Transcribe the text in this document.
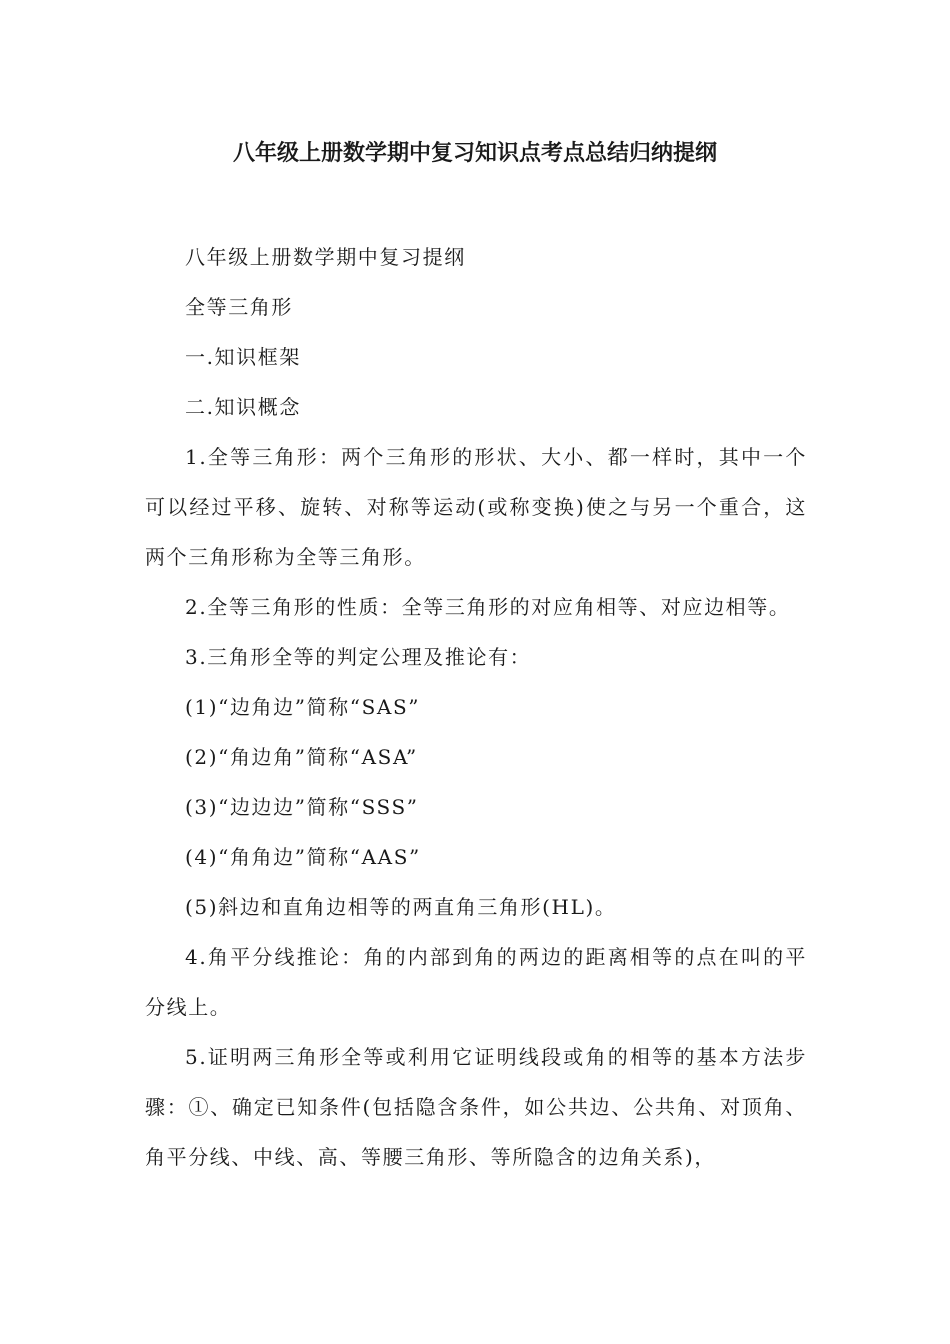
八年级上册数学期中复习知识点考点总结归纳提纲

八年级上册数学期中复习提纲

全等三角形

一.知识框架

二.知识概念

1.全等三角形：两个三角形的形状、大小、都一样时，其中一个可以经过平移、旋转、对称等运动(或称变换)使之与另一个重合，这两个三角形称为全等三角形。

2.全等三角形的性质：全等三角形的对应角相等、对应边相等。

3.三角形全等的判定公理及推论有：

(1)“边角边”简称“SAS”

(2)“角边角”简称“ASA”

(3)“边边边”简称“SSS”

(4)“角角边”简称“AAS”

(5)斜边和直角边相等的两直角三角形(HL)。

4.角平分线推论：角的内部到角的两边的距离相等的点在叫的平分线上。

5.证明两三角形全等或利用它证明线段或角的相等的基本方法步骤：①、确定已知条件(包括隐含条件，如公共边、公共角、对顶角、角平分线、中线、高、等腰三角形、等所隐含的边角关系)，
